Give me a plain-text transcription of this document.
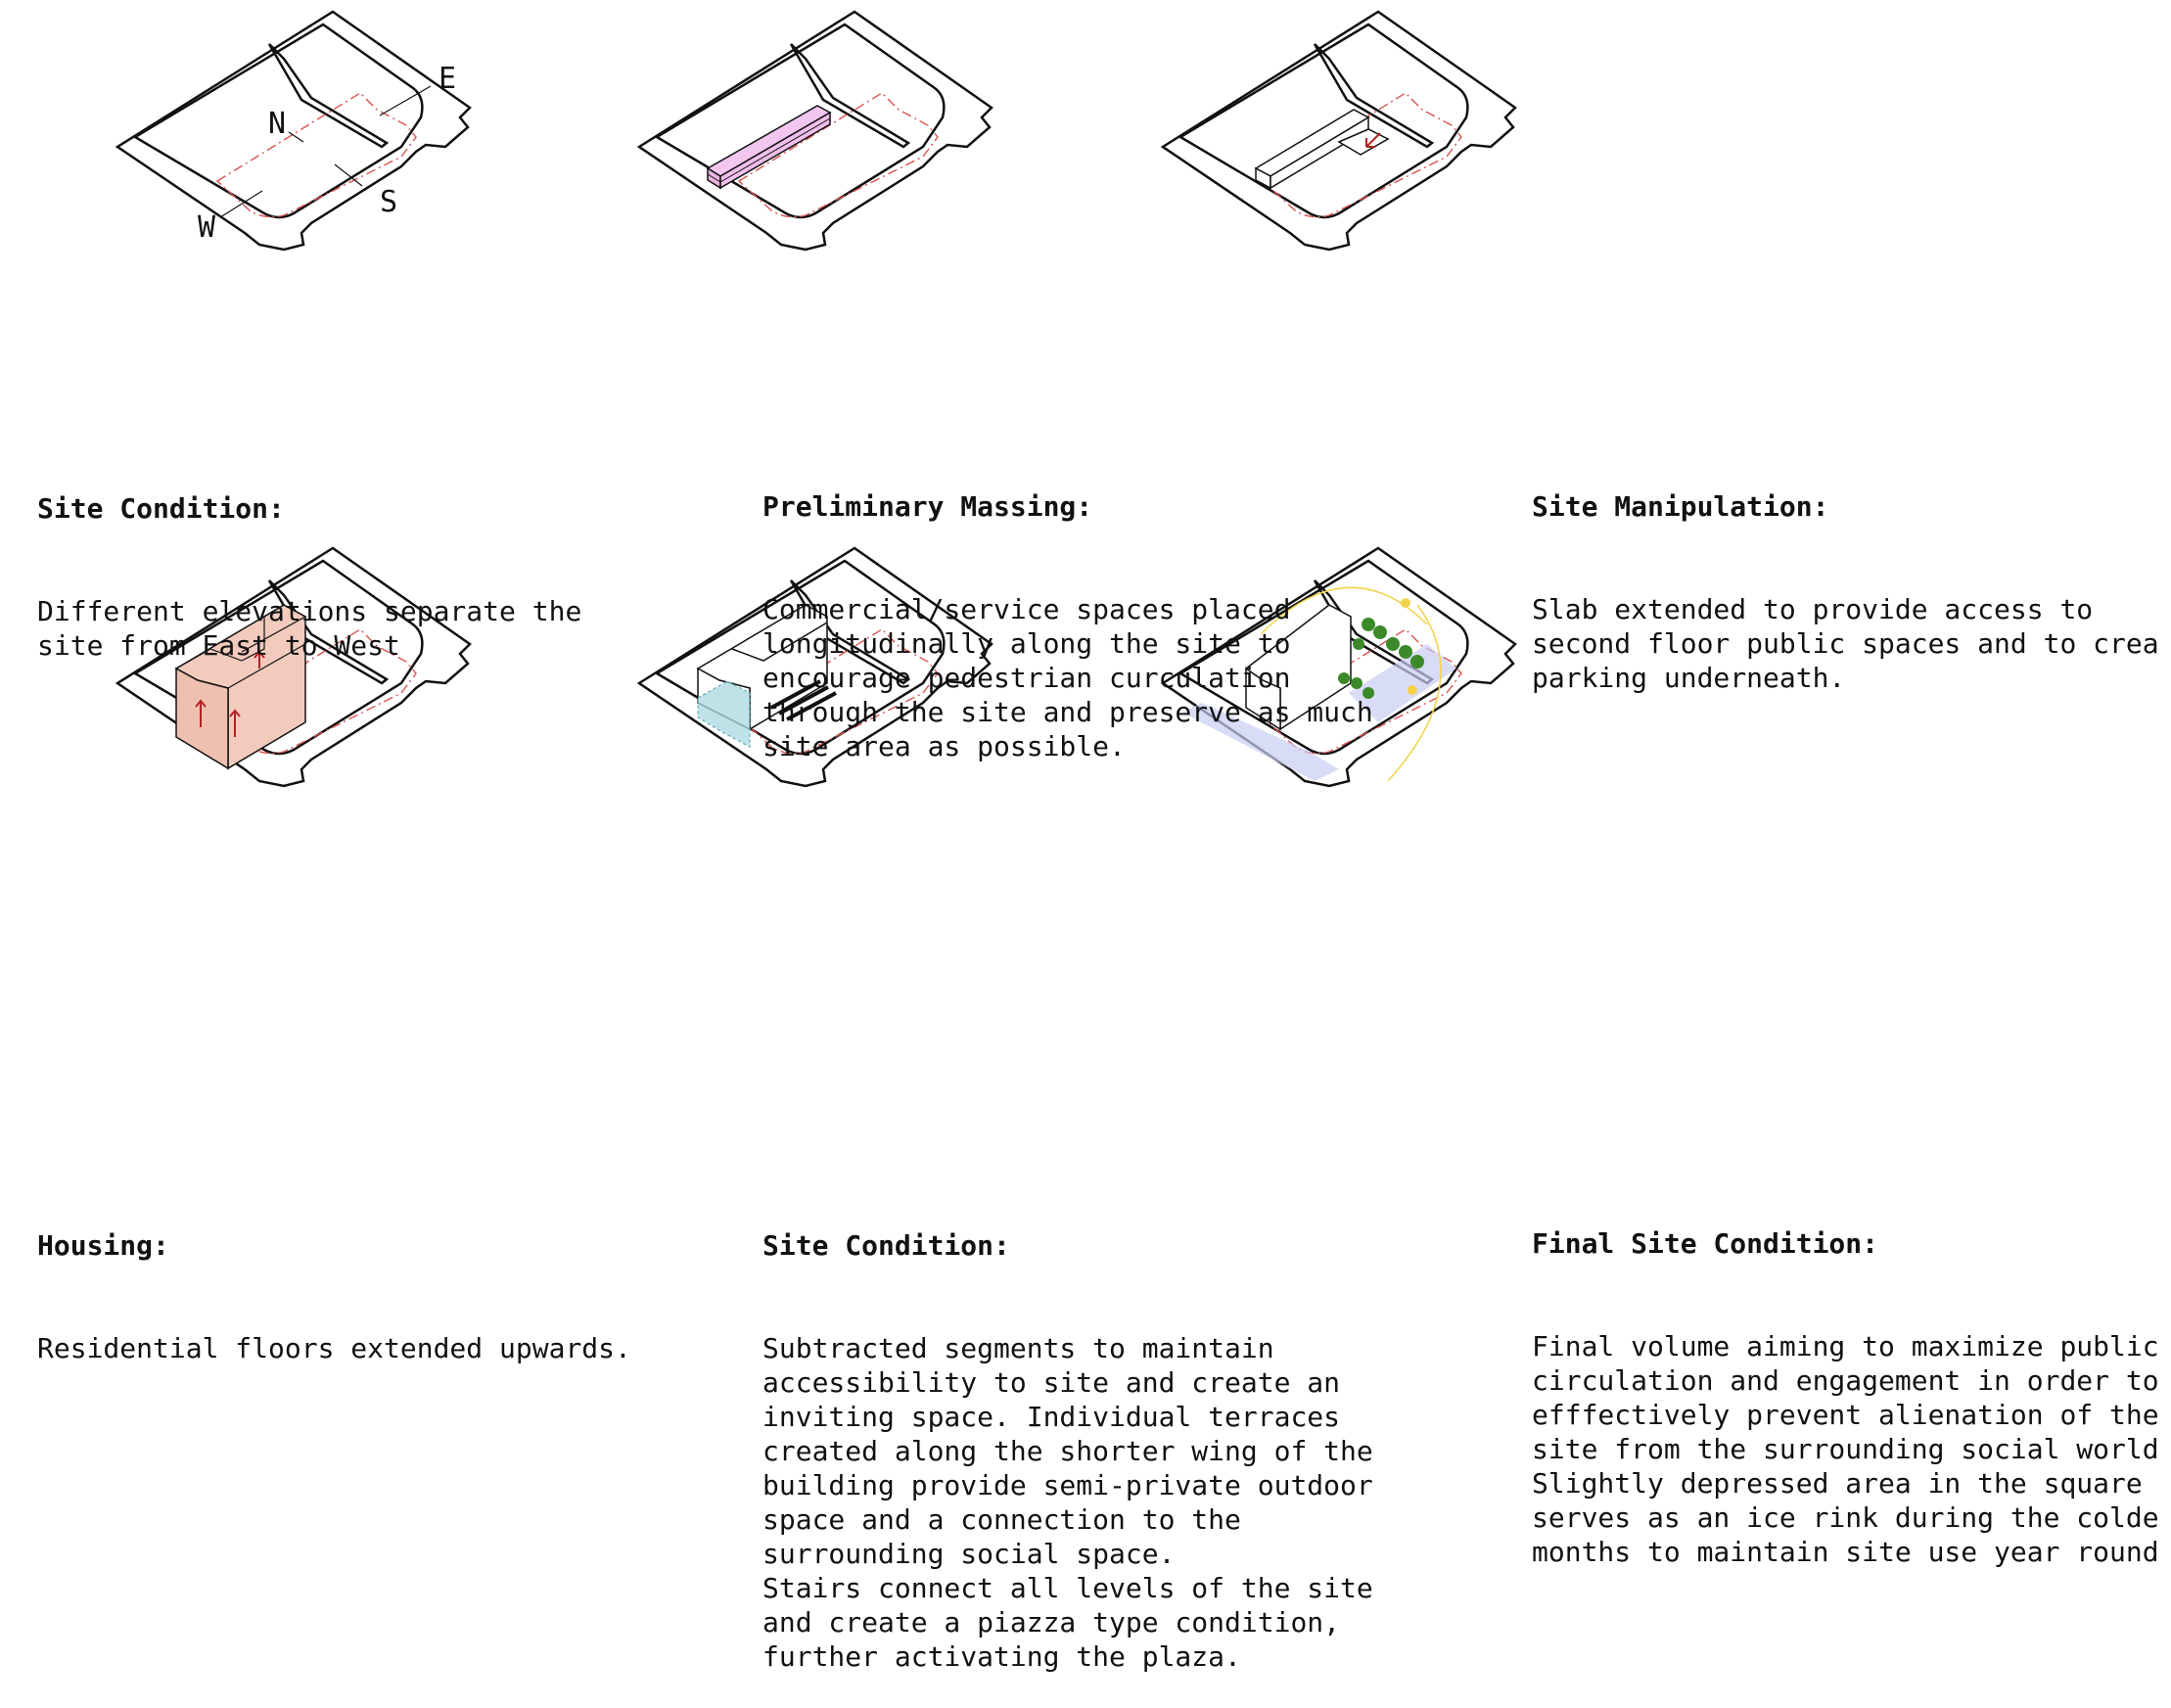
E
N
S
W

Site Condition:

Different elevations separate the
site from East to West

Preliminary Massing:

Commercial/service spaces placed
longitudinally along the site to
encourage pedestrian curculation
through the site and preserve as much
site area as possible.

Site Manipulation:

Slab extended to provide access to
second floor public spaces and to crea
parking underneath.

Housing:

Residential floors extended upwards.

Site Condition:

Subtracted segments to maintain
accessibility to site and create an
inviting space. Individual terraces
created along the shorter wing of the
building provide semi-private outdoor
space and a connection to the
surrounding social space.
Stairs connect all levels of the site
and create a piazza type condition,
further activating the plaza.

Final Site Condition:

Final volume aiming to maximize public
circulation and engagement in order to
efffectively prevent alienation of the
site from the surrounding social world
Slightly depressed area in the square
serves as an ice rink during the colde
months to maintain site use year round
